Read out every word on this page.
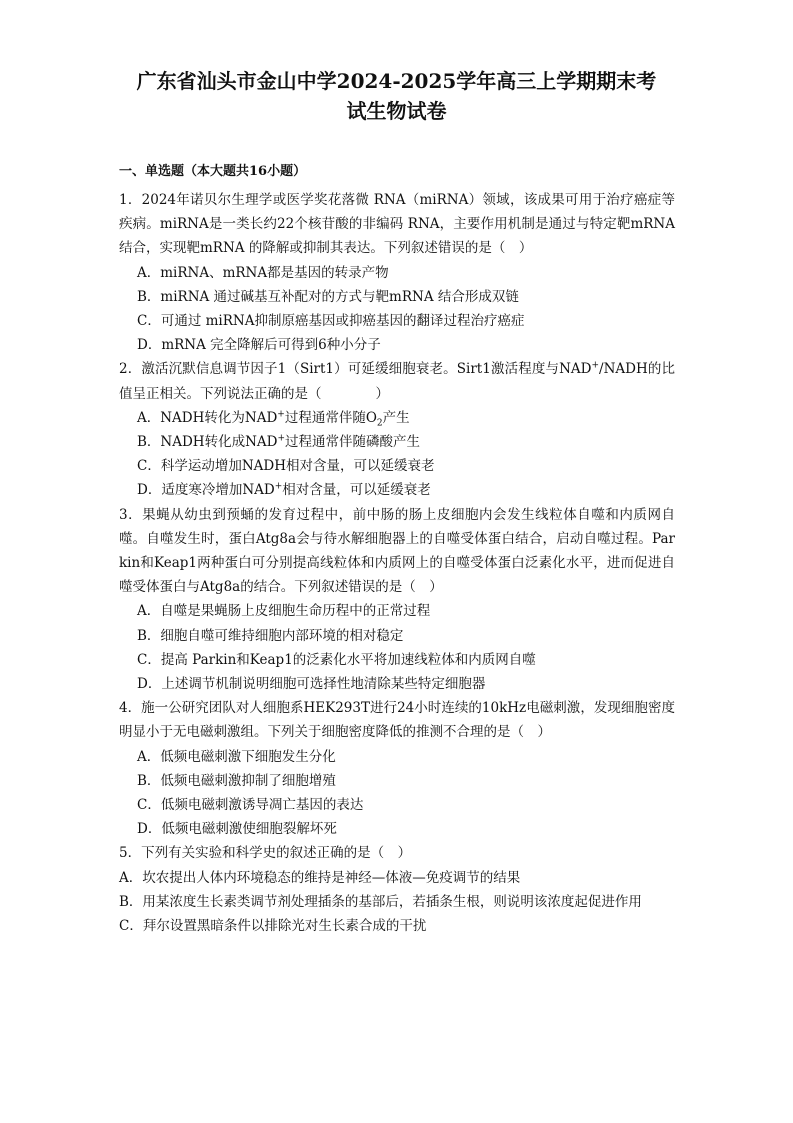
广东省汕头市金山中学2024-2025学年高三上学期期末考
试生物试卷

一、单选题（本大题共16小题）

1．2024年诺贝尔生理学或医学奖花落微 RNA（miRNA）领域，该成果可用于治疗癌症等疾病。miRNA是一类长约22个核苷酸的非编码 RNA，主要作用机制是通过与特定靶mRNA 结合，实现靶mRNA 的降解或抑制其表达。下列叙述错误的是（　）

A．miRNA、mRNA都是基因的转录产物
B．miRNA 通过碱基互补配对的方式与靶mRNA 结合形成双链
C．可通过 miRNA抑制原癌基因或抑癌基因的翻译过程治疗癌症
D．mRNA 完全降解后可得到6种小分子

2．激活沉默信息调节因子1（Sirt1）可延缓细胞衰老。Sirt1激活程度与NAD+/NADH的比值呈正相关。下列说法正确的是（　　　　）

A．NADH转化为NAD+过程通常伴随$O_2$产生
B．NADH转化成NAD+过程通常伴随磷酸产生
C．科学运动增加NADH相对含量，可以延缓衰老
D．适度寒冷增加NAD+相对含量，可以延缓衰老

3．果蝇从幼虫到预蛹的发育过程中，前中肠的肠上皮细胞内会发生线粒体自噬和内质网自噬。自噬发生时，蛋白Atg8a会与待水解细胞器上的自噬受体蛋白结合，启动自噬过程。Parkin和Keap1两种蛋白可分别提高线粒体和内质网上的自噬受体蛋白泛素化水平，进而促进自噬受体蛋白与Atg8a的结合。下列叙述错误的是（　）

A．自噬是果蝇肠上皮细胞生命历程中的正常过程
B．细胞自噬可维持细胞内部环境的相对稳定
C．提高 Parkin和Keap1的泛素化水平将加速线粒体和内质网自噬
D．上述调节机制说明细胞可选择性地清除某些特定细胞器

4．施一公研究团队对人细胞系HEK293T进行24小时连续的10kHz电磁刺激，发现细胞密度明显小于无电磁刺激组。下列关于细胞密度降低的推测不合理的是（　）

A．低频电磁刺激下细胞发生分化
B．低频电磁刺激抑制了细胞增殖
C．低频电磁刺激诱导凋亡基因的表达
D．低频电磁刺激使细胞裂解坏死

5．下列有关实验和科学史的叙述正确的是（　）

A．坎农提出人体内环境稳态的维持是神经—体液—免疫调节的结果
B．用某浓度生长素类调节剂处理插条的基部后，若插条生根，则说明该浓度起促进作用
C．拜尔设置黑暗条件以排除光对生长素合成的干扰
